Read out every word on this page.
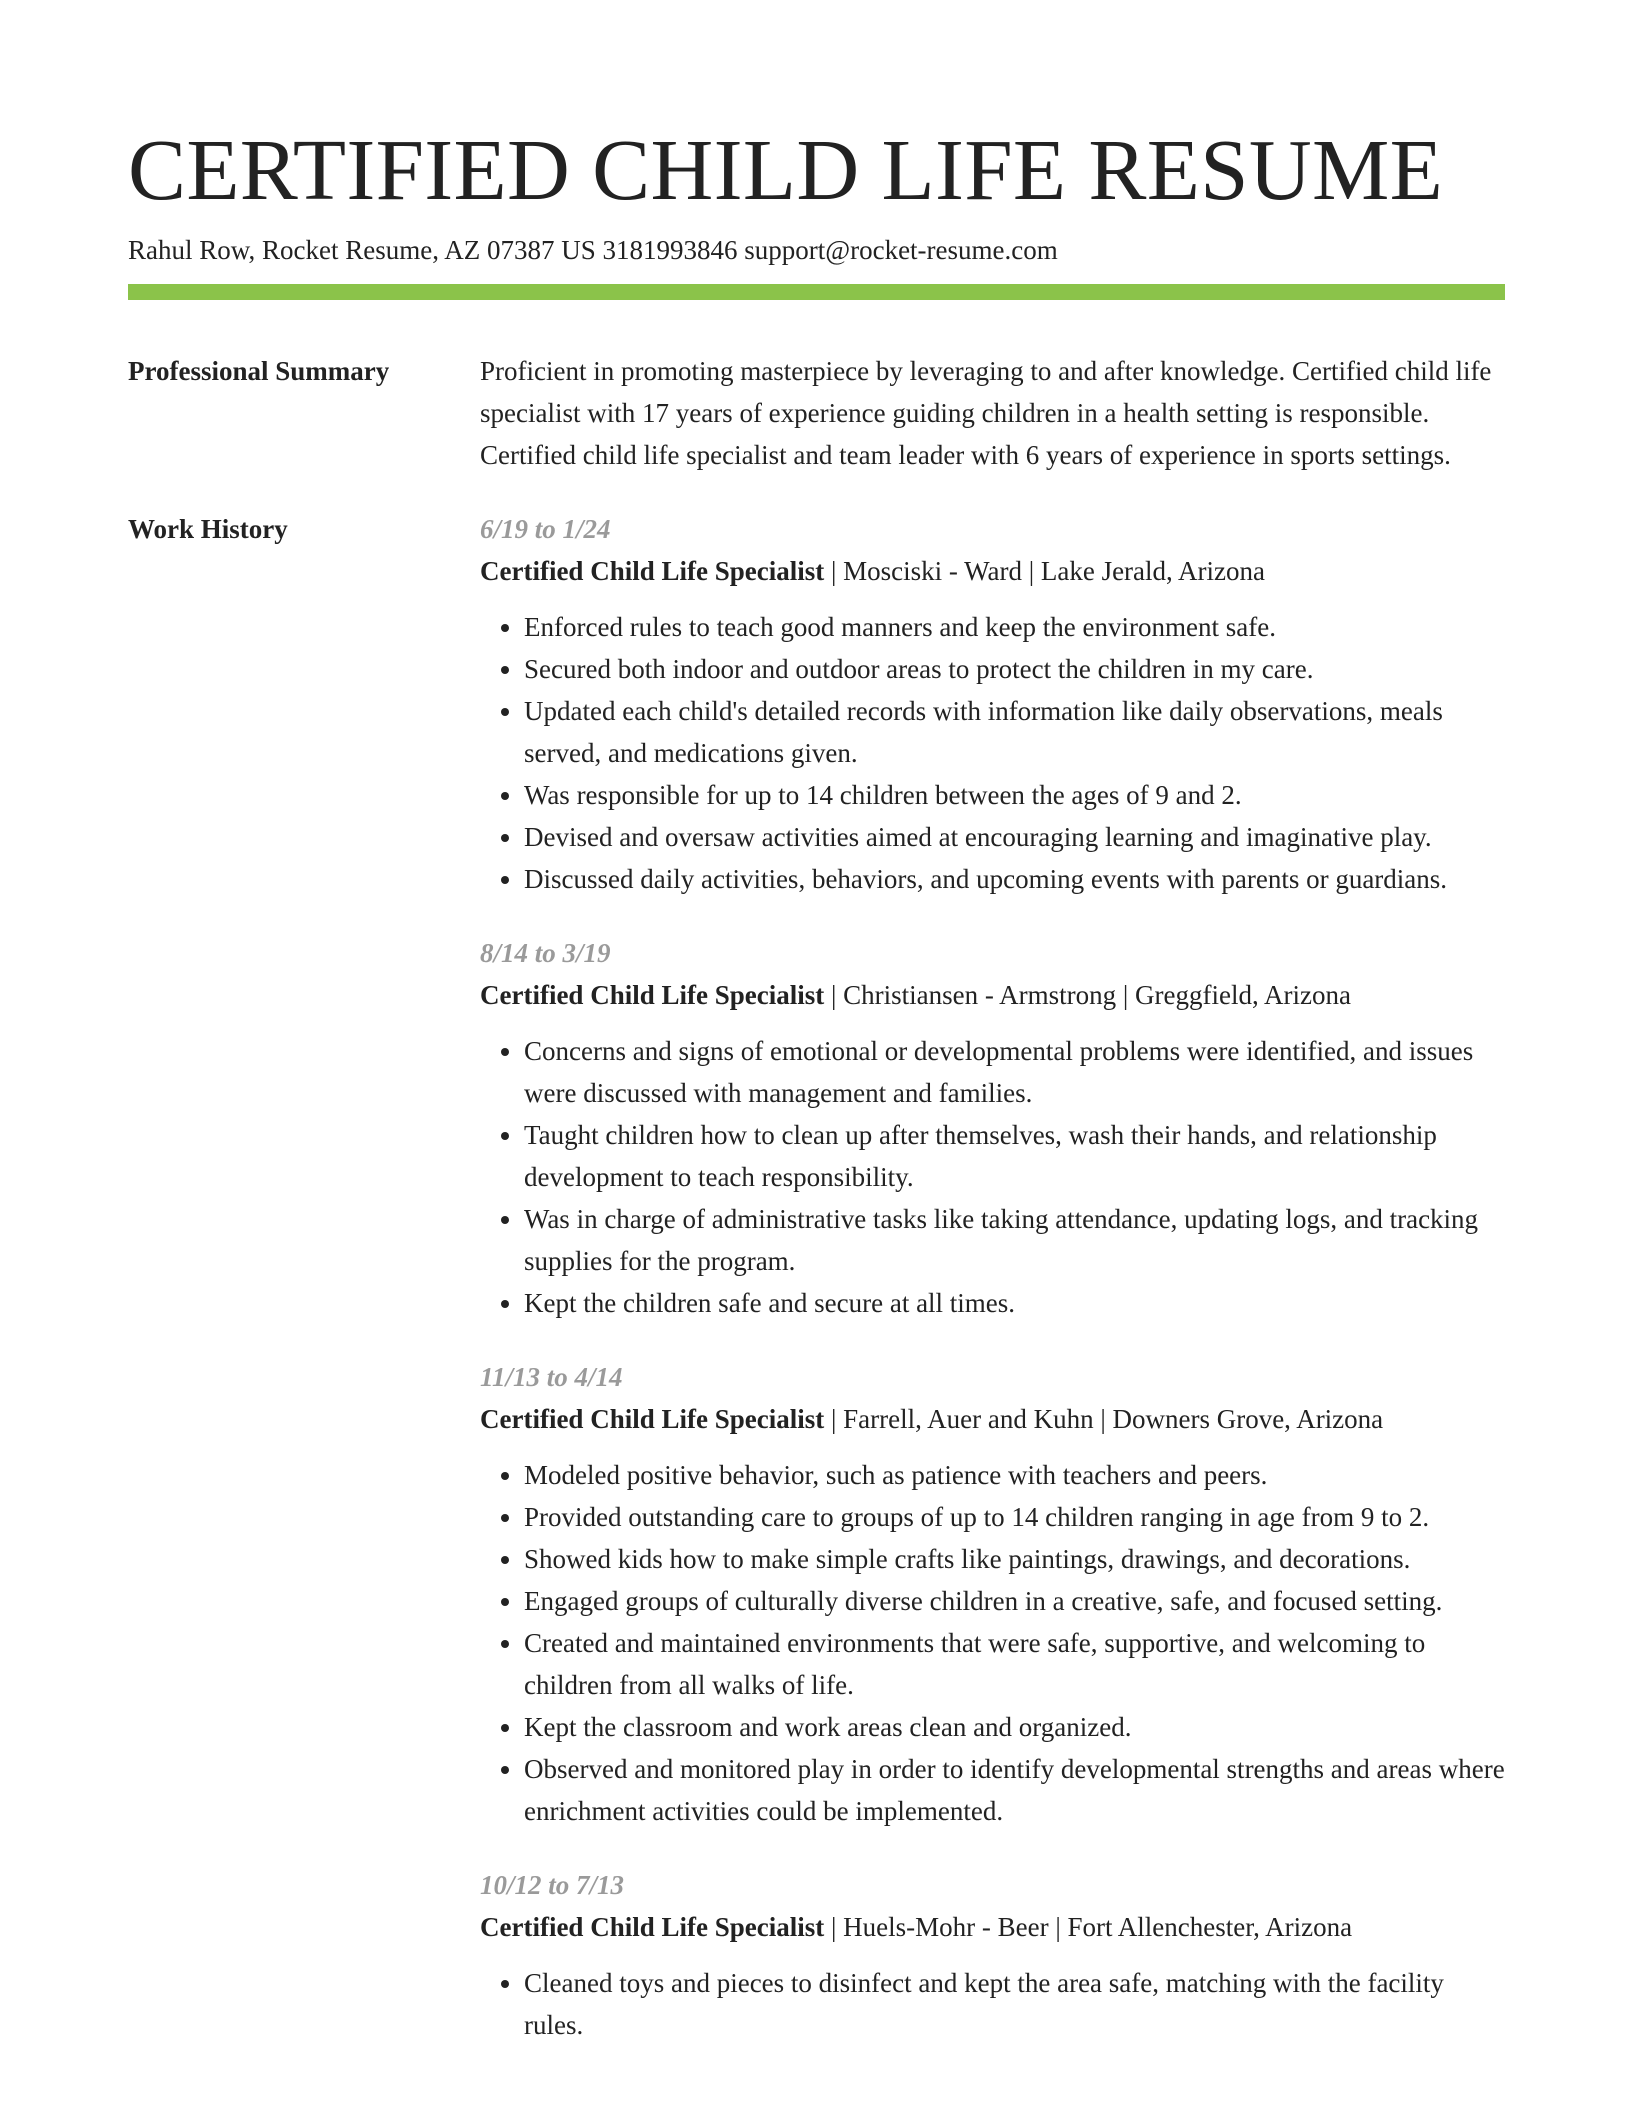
CERTIFIED CHILD LIFE RESUME
Rahul Row, Rocket Resume, AZ 07387 US 3181993846 support@rocket-resume.com
Professional Summary	Proficient in promoting masterpiece by leveraging to and after knowledge. Certified child life specialist with 17 years of experience guiding children in a health setting is responsible. Certified child life specialist and team leader with 6 years of experience in sports settings.
Work History	6/19 to 1/24
Certified Child Life Specialist | Mosciski - Ward | Lake Jerald, Arizona
• Enforced rules to teach good manners and keep the environment safe.
• Secured both indoor and outdoor areas to protect the children in my care.
• Updated each child's detailed records with information like daily observations, meals served, and medications given.
• Was responsible for up to 14 children between the ages of 9 and 2.
• Devised and oversaw activities aimed at encouraging learning and imaginative play.
• Discussed daily activities, behaviors, and upcoming events with parents or guardians.
8/14 to 3/19
Certified Child Life Specialist | Christiansen - Armstrong | Greggfield, Arizona
• Concerns and signs of emotional or developmental problems were identified, and issues were discussed with management and families.
• Taught children how to clean up after themselves, wash their hands, and relationship development to teach responsibility.
• Was in charge of administrative tasks like taking attendance, updating logs, and tracking supplies for the program.
• Kept the children safe and secure at all times.
11/13 to 4/14
Certified Child Life Specialist | Farrell, Auer and Kuhn | Downers Grove, Arizona
• Modeled positive behavior, such as patience with teachers and peers.
• Provided outstanding care to groups of up to 14 children ranging in age from 9 to 2.
• Showed kids how to make simple crafts like paintings, drawings, and decorations.
• Engaged groups of culturally diverse children in a creative, safe, and focused setting.
• Created and maintained environments that were safe, supportive, and welcoming to children from all walks of life.
• Kept the classroom and work areas clean and organized.
• Observed and monitored play in order to identify developmental strengths and areas where enrichment activities could be implemented.
10/12 to 7/13
Certified Child Life Specialist | Huels-Mohr - Beer | Fort Allenchester, Arizona
• Cleaned toys and pieces to disinfect and kept the area safe, matching with the facility rules.
